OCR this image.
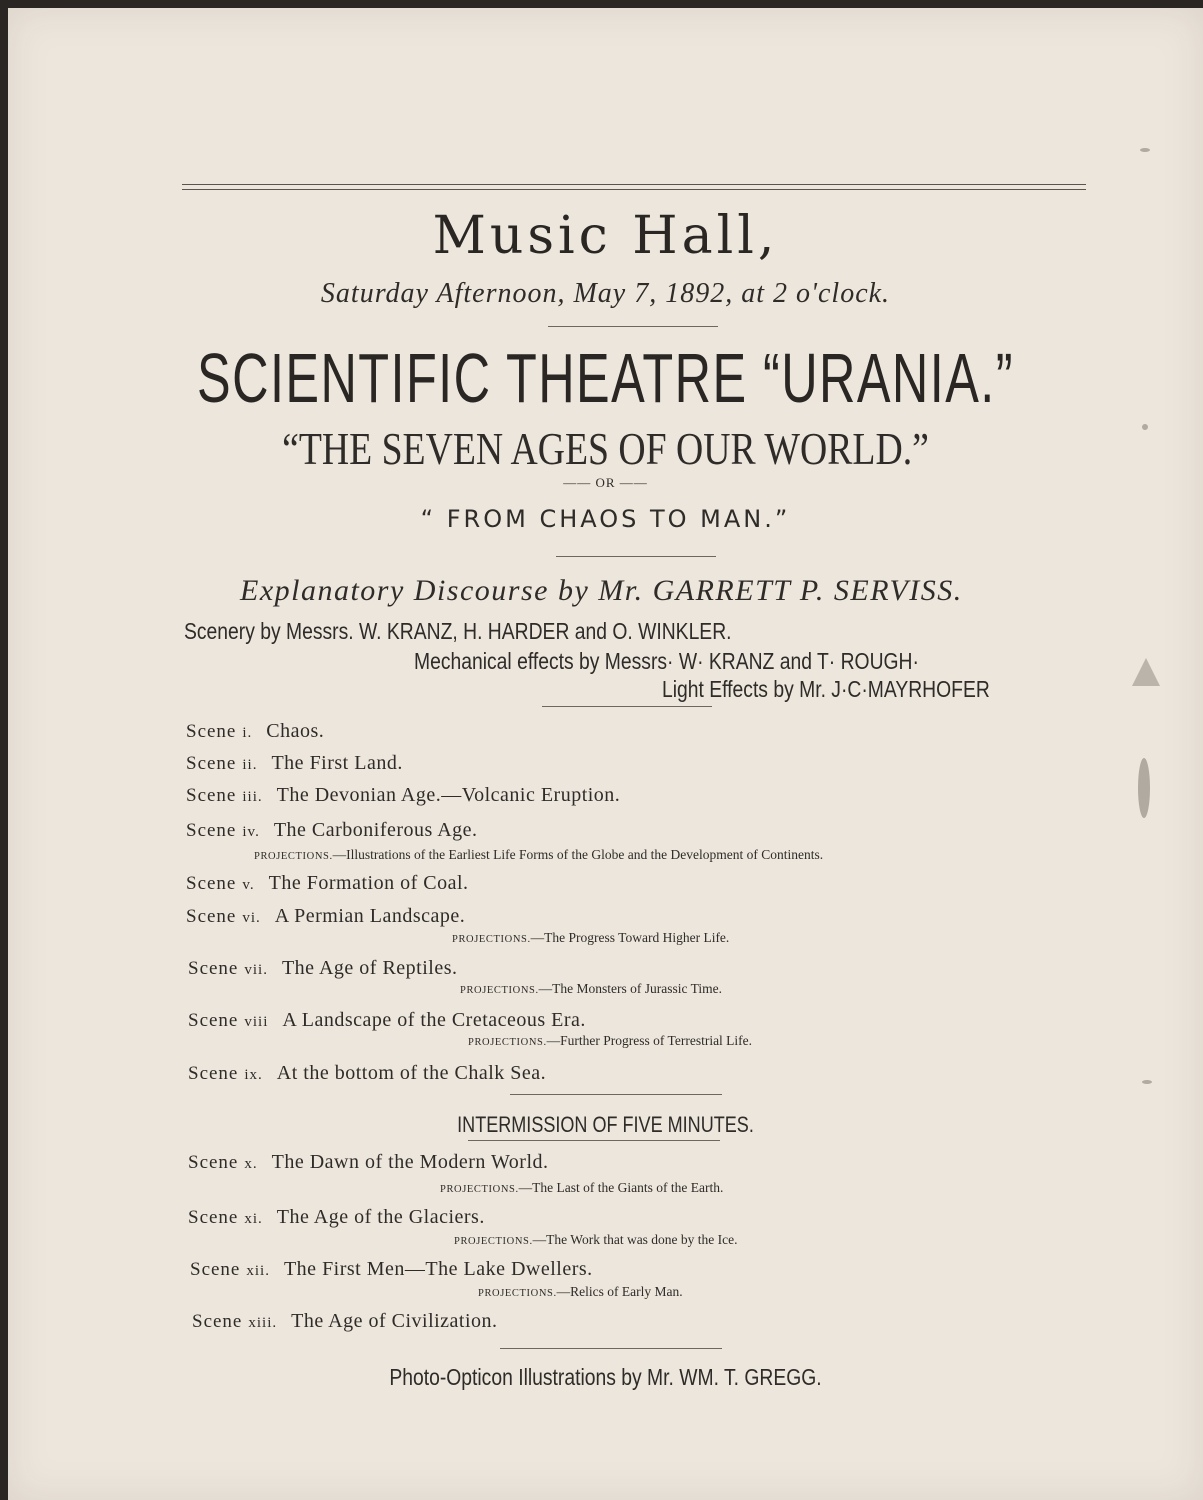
Music Hall,
Saturday Afternoon, May 7, 1892, at 2 o'clock.
SCIENTIFIC THEATRE “URANIA.”
“THE SEVEN AGES OF OUR WORLD.”
—— OR ——
“ FROM CHAOS TO MAN.”
Explanatory Discourse by Mr. GARRETT P. SERVISS.
Scenery by Messrs. W. KRANZ, H. HARDER and O. WINKLER.
Mechanical effects by Messrs· W· KRANZ and T· ROUGH·
Light Effects by Mr. J·C·MAYRHOFER
Scene i. Chaos.
Scene ii. The First Land.
Scene iii. The Devonian Age.—Volcanic Eruption.
Scene iv. The Carboniferous Age.
PROJECTIONS.—Illustrations of the Earliest Life Forms of the Globe and the Development of Continents.
Scene v. The Formation of Coal.
Scene vi. A Permian Landscape.
PROJECTIONS.—The Progress Toward Higher Life.
Scene vii. The Age of Reptiles.
PROJECTIONS.—The Monsters of Jurassic Time.
Scene viii A Landscape of the Cretaceous Era.
PROJECTIONS.—Further Progress of Terrestrial Life.
Scene ix. At the bottom of the Chalk Sea.
INTERMISSION OF FIVE MINUTES.
Scene x. The Dawn of the Modern World.
PROJECTIONS.—The Last of the Giants of the Earth.
Scene xi. The Age of the Glaciers.
PROJECTIONS.—The Work that was done by the Ice.
Scene xii. The First Men—The Lake Dwellers.
PROJECTIONS.—Relics of Early Man.
Scene xiii. The Age of Civilization.
Photo-Opticon Illustrations by Mr. WM. T. GREGG.
